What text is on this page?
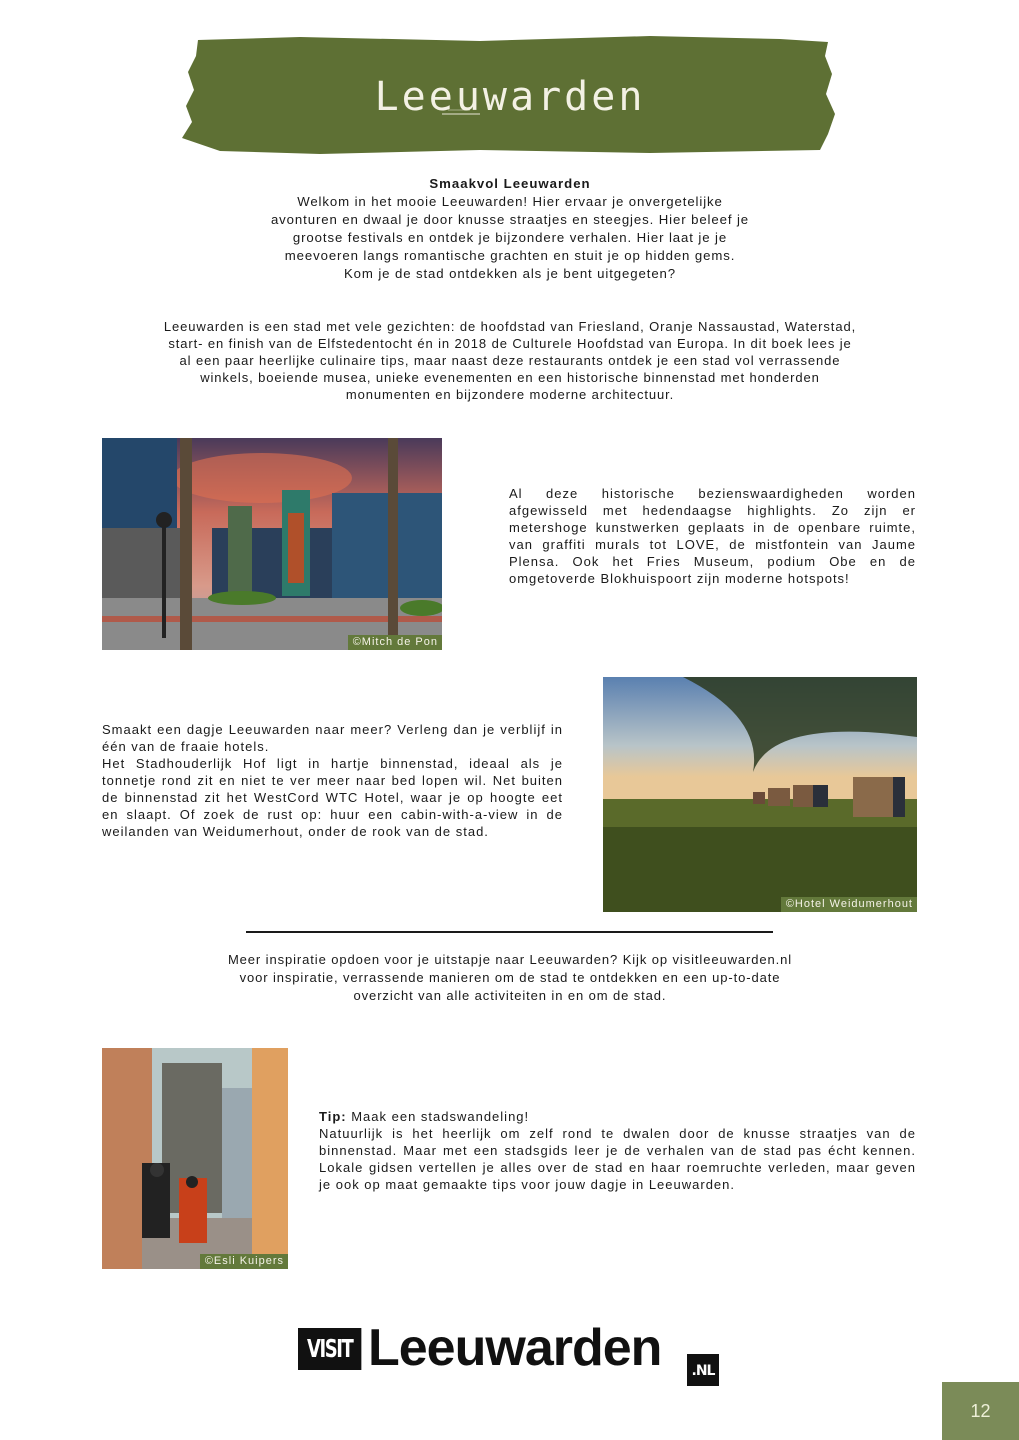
Leeuwarden
Smaakvol Leeuwarden
Welkom in het mooie Leeuwarden! Hier ervaar je onvergetelijke
avonturen en dwaal je door knusse straatjes en steegjes. Hier beleef je
grootse festivals en ontdek je bijzondere verhalen. Hier laat je je
meevoeren langs romantische grachten en stuit je op hidden gems.
Kom je de stad ontdekken als je bent uitgegeten?
Leeuwarden is een stad met vele gezichten: de hoofdstad van Friesland, Oranje Nassaustad, Waterstad,
start- en finish van de Elfstedentocht én in 2018 de Culturele Hoofdstad van Europa. In dit boek lees je
al een paar heerlijke culinaire tips, maar naast deze restaurants ontdek je een stad vol verrassende
winkels, boeiende musea, unieke evenementen en een historische binnenstad met honderden
monumenten en bijzondere moderne architectuur.
©Mitch de Pon
Al deze historische bezienswaardigheden worden afgewisseld met hedendaagse highlights. Zo zijn er metershoge kunstwerken geplaats in de openbare ruimte, van graffiti murals tot LOVE, de mistfontein van Jaume Plensa. Ook het Fries Museum, podium Obe en de omgetoverde Blokhuispoort zijn moderne hotspots!
Smaakt een dagje Leeuwarden naar meer? Verleng dan je verblijf in één van de fraaie hotels.
Het Stadhouderlijk Hof ligt in hartje binnenstad, ideaal als je tonnetje rond zit en niet te ver meer naar bed lopen wil. Net buiten de binnenstad zit het WestCord WTC Hotel, waar je op hoogte eet en slaapt. Of zoek de rust op: huur een cabin-with-a-view in de weilanden van Weidumerhout, onder de rook van de stad.
©Hotel Weidumerhout
Meer inspiratie opdoen voor je uitstapje naar Leeuwarden? Kijk op visitleeuwarden.nl
voor inspiratie, verrassende manieren om de stad te ontdekken en een up-to-date
overzicht van alle activiteiten in en om de stad.
©Esli Kuipers
Tip: Maak een stadswandeling!
Natuurlijk is het heerlijk om zelf rond te dwalen door de knusse straatjes van de binnenstad. Maar met een stadsgids leer je de verhalen van de stad pas écht kennen. Lokale gidsen vertellen je alles over de stad en haar roemruchte verleden, maar geven je ook op maat gemaakte tips voor jouw dagje in Leeuwarden.
VISIT Leeuwarden	.NL
12
